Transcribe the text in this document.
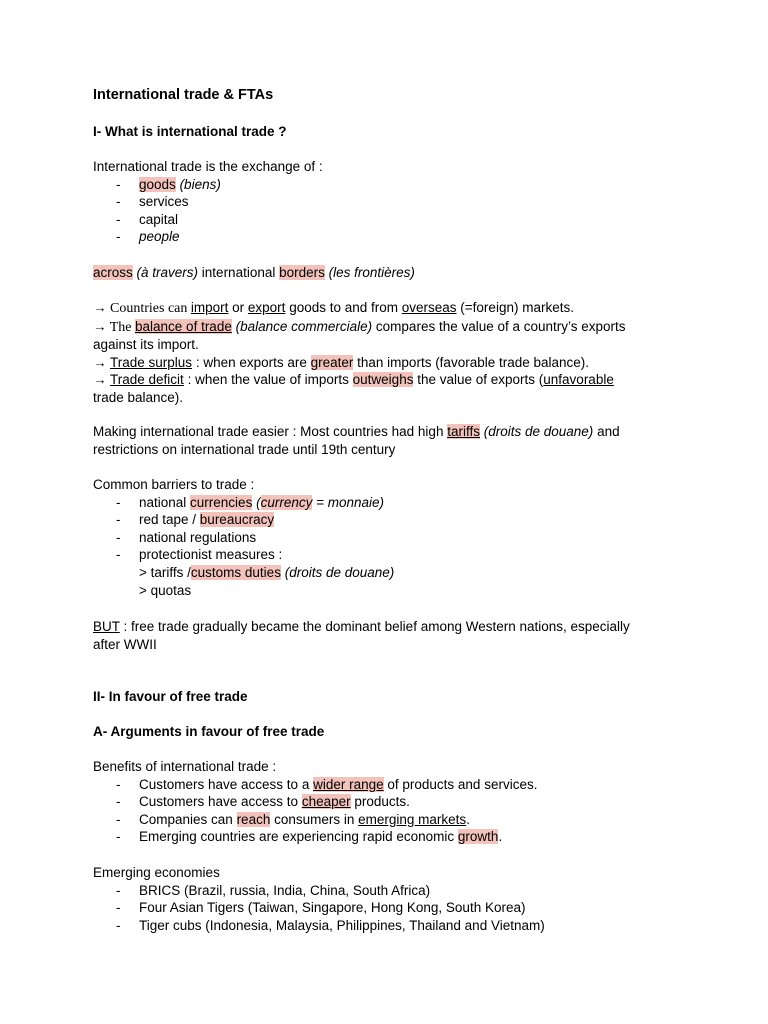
International trade & FTAs
I- What is international trade ?
International trade is the exchange of :
- goods (biens)
- services
- capital
- people
across (à travers) international borders (les frontières)
→ Countries can import or export goods to and from overseas (=foreign) markets.
→ The balance of trade (balance commerciale) compares the value of a country’s exports
against its import.
→ Trade surplus : when exports are greater than imports (favorable trade balance).
→ Trade deficit : when the value of imports outweighs the value of exports (unfavorable
trade balance).
Making international trade easier : Most countries had high tariffs (droits de douane) and
restrictions on international trade until 19th century
Common barriers to trade :
- national currencies (currency = monnaie)
- red tape / bureaucracy
- national regulations
- protectionist measures :
> tariffs /customs duties (droits de douane)
> quotas
BUT : free trade gradually became the dominant belief among Western nations, especially
after WWII
II- In favour of free trade
A- Arguments in favour of free trade
Benefits of international trade :
- Customers have access to a wider range of products and services.
- Customers have access to cheaper products.
- Companies can reach consumers in emerging markets.
- Emerging countries are experiencing rapid economic growth.
Emerging economies
- BRICS (Brazil, russia, India, China, South Africa)
- Four Asian Tigers (Taiwan, Singapore, Hong Kong, South Korea)
- Tiger cubs (Indonesia, Malaysia, Philippines, Thailand and Vietnam)
